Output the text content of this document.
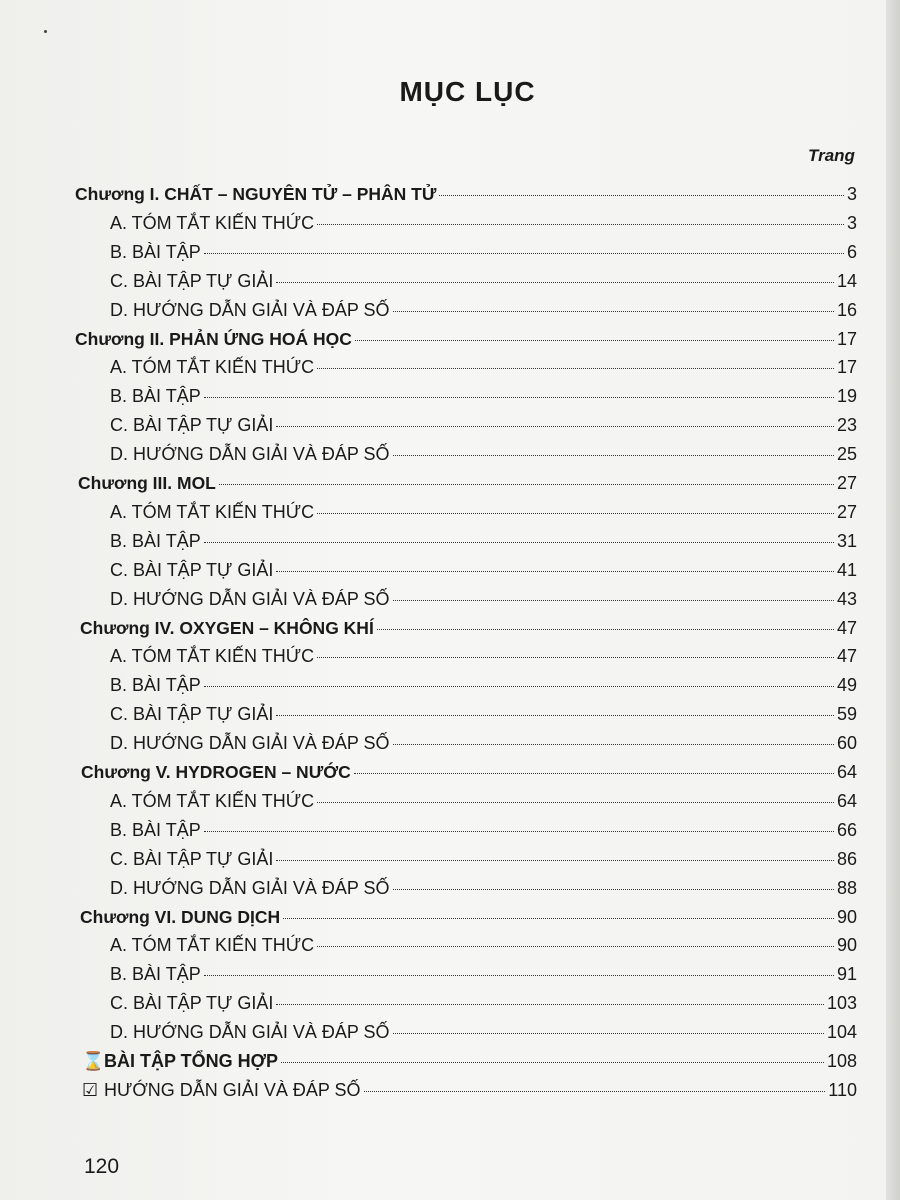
MỤC LỤC
Trang
Chương I. CHẤT – NGUYÊN TỬ – PHÂN TỬ	3
A. TÓM TẮT KIẾN THỨC	3
B. BÀI TẬP	6
C. BÀI TẬP TỰ GIẢI	14
D. HƯỚNG DẪN GIẢI VÀ ĐÁP SỐ	16
Chương II. PHẢN ỨNG HOÁ HỌC	17
A. TÓM TẮT KIẾN THỨC	17
B. BÀI TẬP	19
C. BÀI TẬP TỰ GIẢI	23
D. HƯỚNG DẪN GIẢI VÀ ĐÁP SỐ	25
Chương III. MOL	27
A. TÓM TẮT KIẾN THỨC	27
B. BÀI TẬP	31
C. BÀI TẬP TỰ GIẢI	41
D. HƯỚNG DẪN GIẢI VÀ ĐÁP SỐ	43
Chương IV. OXYGEN – KHÔNG KHÍ	47
A. TÓM TẮT KIẾN THỨC	47
B. BÀI TẬP	49
C. BÀI TẬP TỰ GIẢI	59
D. HƯỚNG DẪN GIẢI VÀ ĐÁP SỐ	60
Chương V. HYDROGEN – NƯỚC	64
A. TÓM TẮT KIẾN THỨC	64
B. BÀI TẬP	66
C. BÀI TẬP TỰ GIẢI	86
D. HƯỚNG DẪN GIẢI VÀ ĐÁP SỐ	88
Chương VI. DUNG DỊCH	90
A. TÓM TẮT KIẾN THỨC	90
B. BÀI TẬP	91
C. BÀI TẬP TỰ GIẢI	103
D. HƯỚNG DẪN GIẢI VÀ ĐÁP SỐ	104
⌛ BÀI TẬP TỔNG HỢP	108
☑ HƯỚNG DẪN GIẢI VÀ ĐÁP SỐ	110
120
